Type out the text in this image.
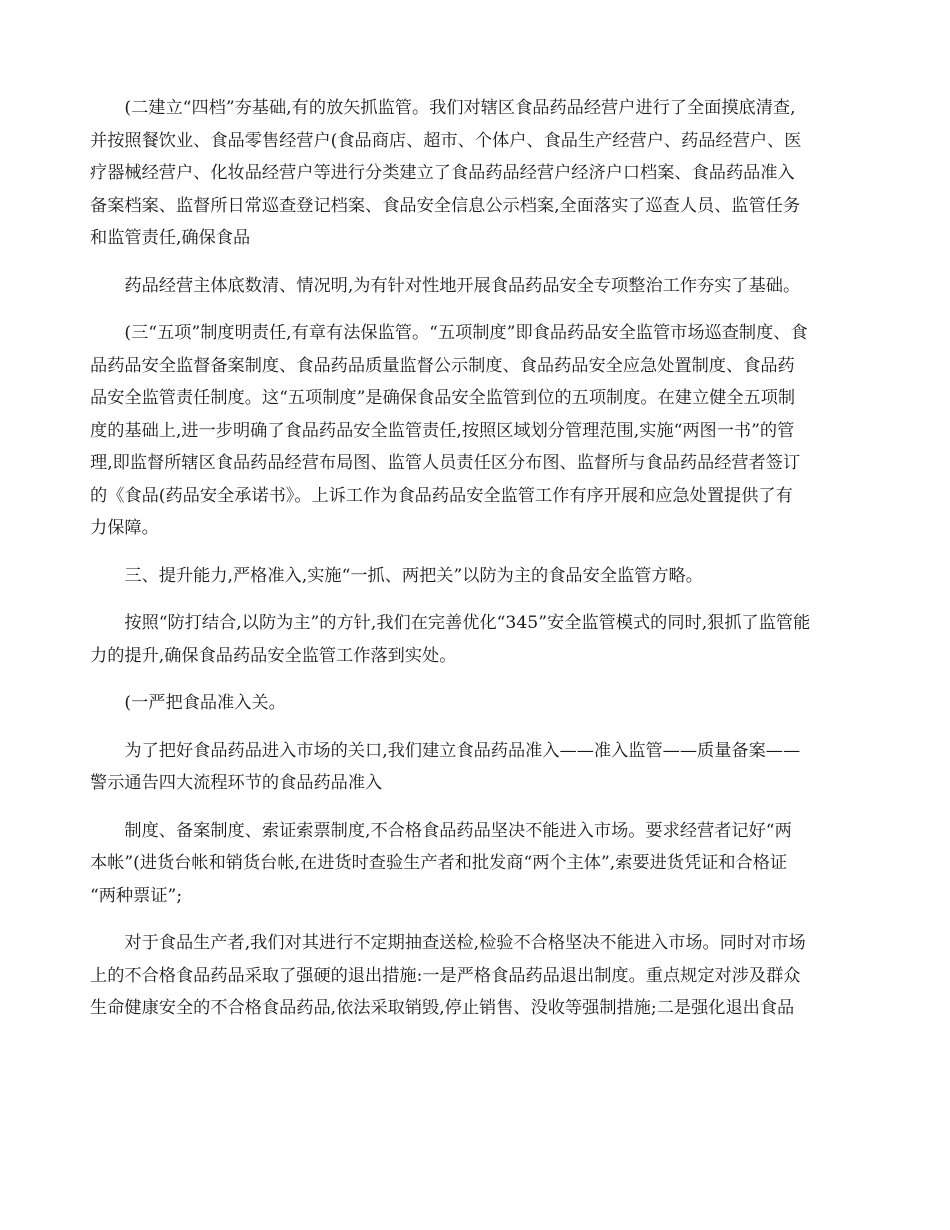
(二建立“四档”夯基础,有的放矢抓监管。我们对辖区食品药品经营户进行了全面摸底清查,
并按照餐饮业、食品零售经营户(食品商店、超市、个体户、食品生产经营户、药品经营户、医
疗器械经营户、化妆品经营户等进行分类建立了食品药品经营户经济户口档案、食品药品准入
备案档案、监督所日常巡查登记档案、食品安全信息公示档案,全面落实了巡查人员、监管任务
和监管责任,确保食品
药品经营主体底数清、情况明,为有针对性地开展食品药品安全专项整治工作夯实了基础。
(三“五项”制度明责任,有章有法保监管。“五项制度”即食品药品安全监管市场巡查制度、食
品药品安全监督备案制度、食品药品质量监督公示制度、食品药品安全应急处置制度、食品药
品安全监管责任制度。这“五项制度”是确保食品安全监管到位的五项制度。在建立健全五项制
度的基础上,进一步明确了食品药品安全监管责任,按照区域划分管理范围,实施“两图一书”的管
理,即监督所辖区食品药品经营布局图、监管人员责任区分布图、监督所与食品药品经营者签订
的《食品(药品安全承诺书》。上诉工作为食品药品安全监管工作有序开展和应急处置提供了有
力保障。
三、提升能力,严格准入,实施“一抓、两把关”以防为主的食品安全监管方略。
按照“防打结合,以防为主”的方针,我们在完善优化“345”安全监管模式的同时,狠抓了监管能
力的提升,确保食品药品安全监管工作落到实处。
(一严把食品准入关。
为了把好食品药品进入市场的关口,我们建立食品药品准入——准入监管——质量备案——
警示通告四大流程环节的食品药品准入
制度、备案制度、索证索票制度,不合格食品药品坚决不能进入市场。要求经营者记好“两
本帐”(进货台帐和销货台帐,在进货时查验生产者和批发商“两个主体”,索要进货凭证和合格证
“两种票证”;
对于食品生产者,我们对其进行不定期抽查送检,检验不合格坚决不能进入市场。同时对市场
上的不合格食品药品采取了强硬的退出措施:一是严格食品药品退出制度。重点规定对涉及群众
生命健康安全的不合格食品药品,依法采取销毁,停止销售、没收等强制措施;二是强化退出食品
